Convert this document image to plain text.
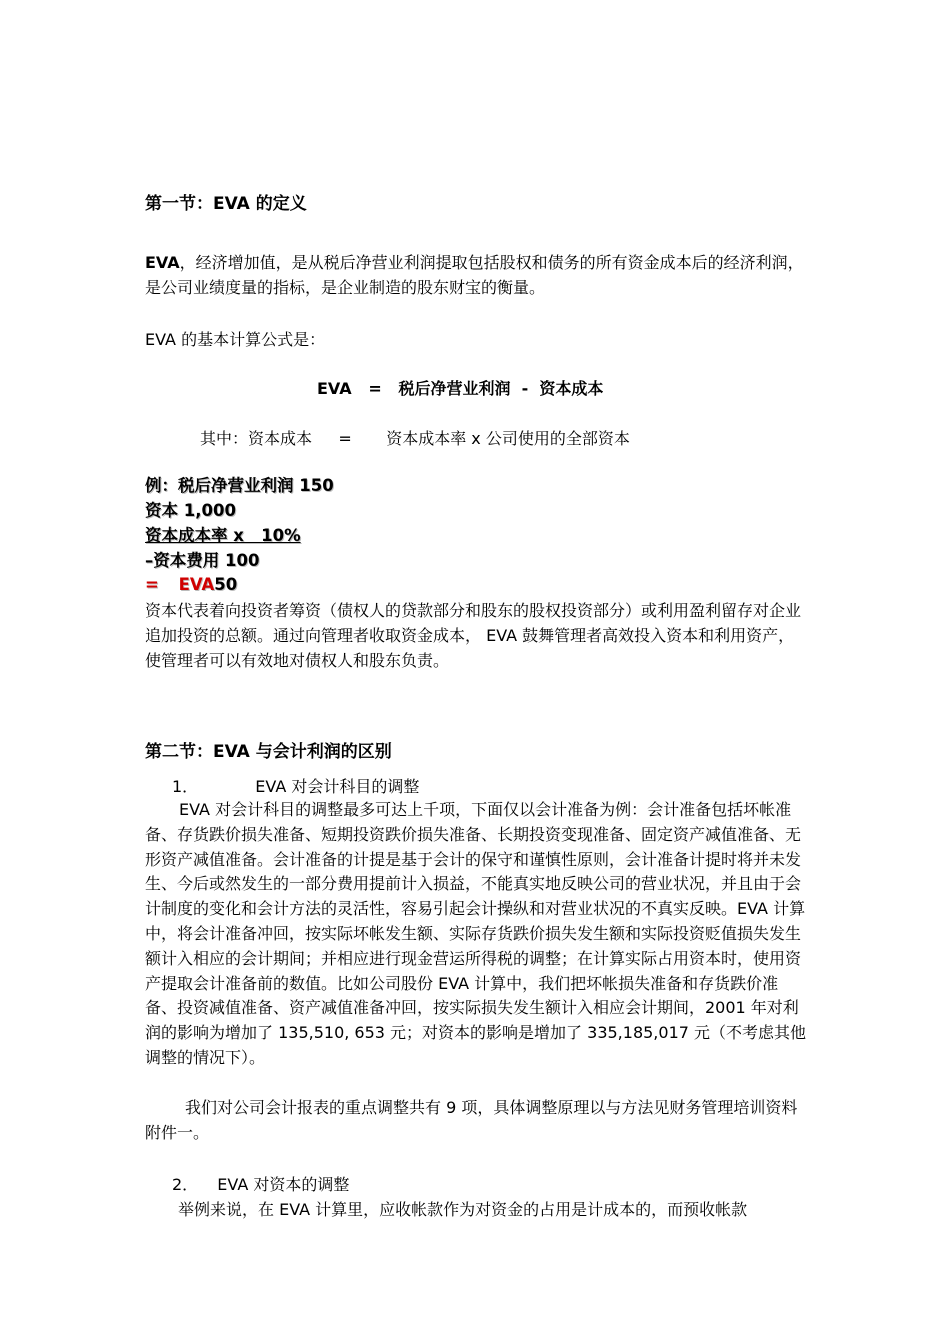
第一节：EVA 的定义
EVA，经济增加值，是从税后净营业利润提取包括股权和债务的所有资金成本后的经济利润，是公司业绩度量的指标，是企业制造的股东财宝的衡量。
EVA 的基本计算公式是：
EVA   =   税后净营业利润  -  资本成本
其中：资本成本 = 资本成本率 x 公司使用的全部资本
例：税后净营业利润 150
资本 1,000
资本成本率 x   10%
–资本费用 100
= EVA50
资本代表着向投资者筹资（债权人的贷款部分和股东的股权投资部分）或利用盈利留存对企业追加投资的总额。通过向管理者收取资金成本， EVA 鼓舞管理者高效投入资本和利用资产，使管理者可以有效地对债权人和股东负责。
第二节：EVA 与会计利润的区别
1．	EVA 对会计科目的调整
EVA 对会计科目的调整最多可达上千项，下面仅以会计准备为例：会计准备包括坏帐准备、存货跌价损失准备、短期投资跌价损失准备、长期投资变现准备、固定资产减值准备、无形资产减值准备。会计准备的计提是基于会计的保守和谨慎性原则，会计准备计提时将并未发生、今后或然发生的一部分费用提前计入损益，不能真实地反映公司的营业状况，并且由于会计制度的变化和会计方法的灵活性，容易引起会计操纵和对营业状况的不真实反映。EVA 计算中，将会计准备冲回，按实际坏帐发生额、实际存货跌价损失发生额和实际投资贬值损失发生额计入相应的会计期间；并相应进行现金营运所得税的调整；在计算实际占用资本时，使用资产提取会计准备前的数值。比如公司股份 EVA 计算中，我们把坏帐损失准备和存货跌价准备、投资减值准备、资产减值准备冲回，按实际损失发生额计入相应会计期间，2001 年对利润的影响为增加了 135,510, 653 元；对资本的影响是增加了 335,185,017 元（不考虑其他调整的情况下）。
我们对公司会计报表的重点调整共有 9 项，具体调整原理以与方法见财务管理培训资料附件一。
2． EVA 对资本的调整
举例来说，在 EVA 计算里，应收帐款作为对资金的占用是计成本的，而预收帐款
